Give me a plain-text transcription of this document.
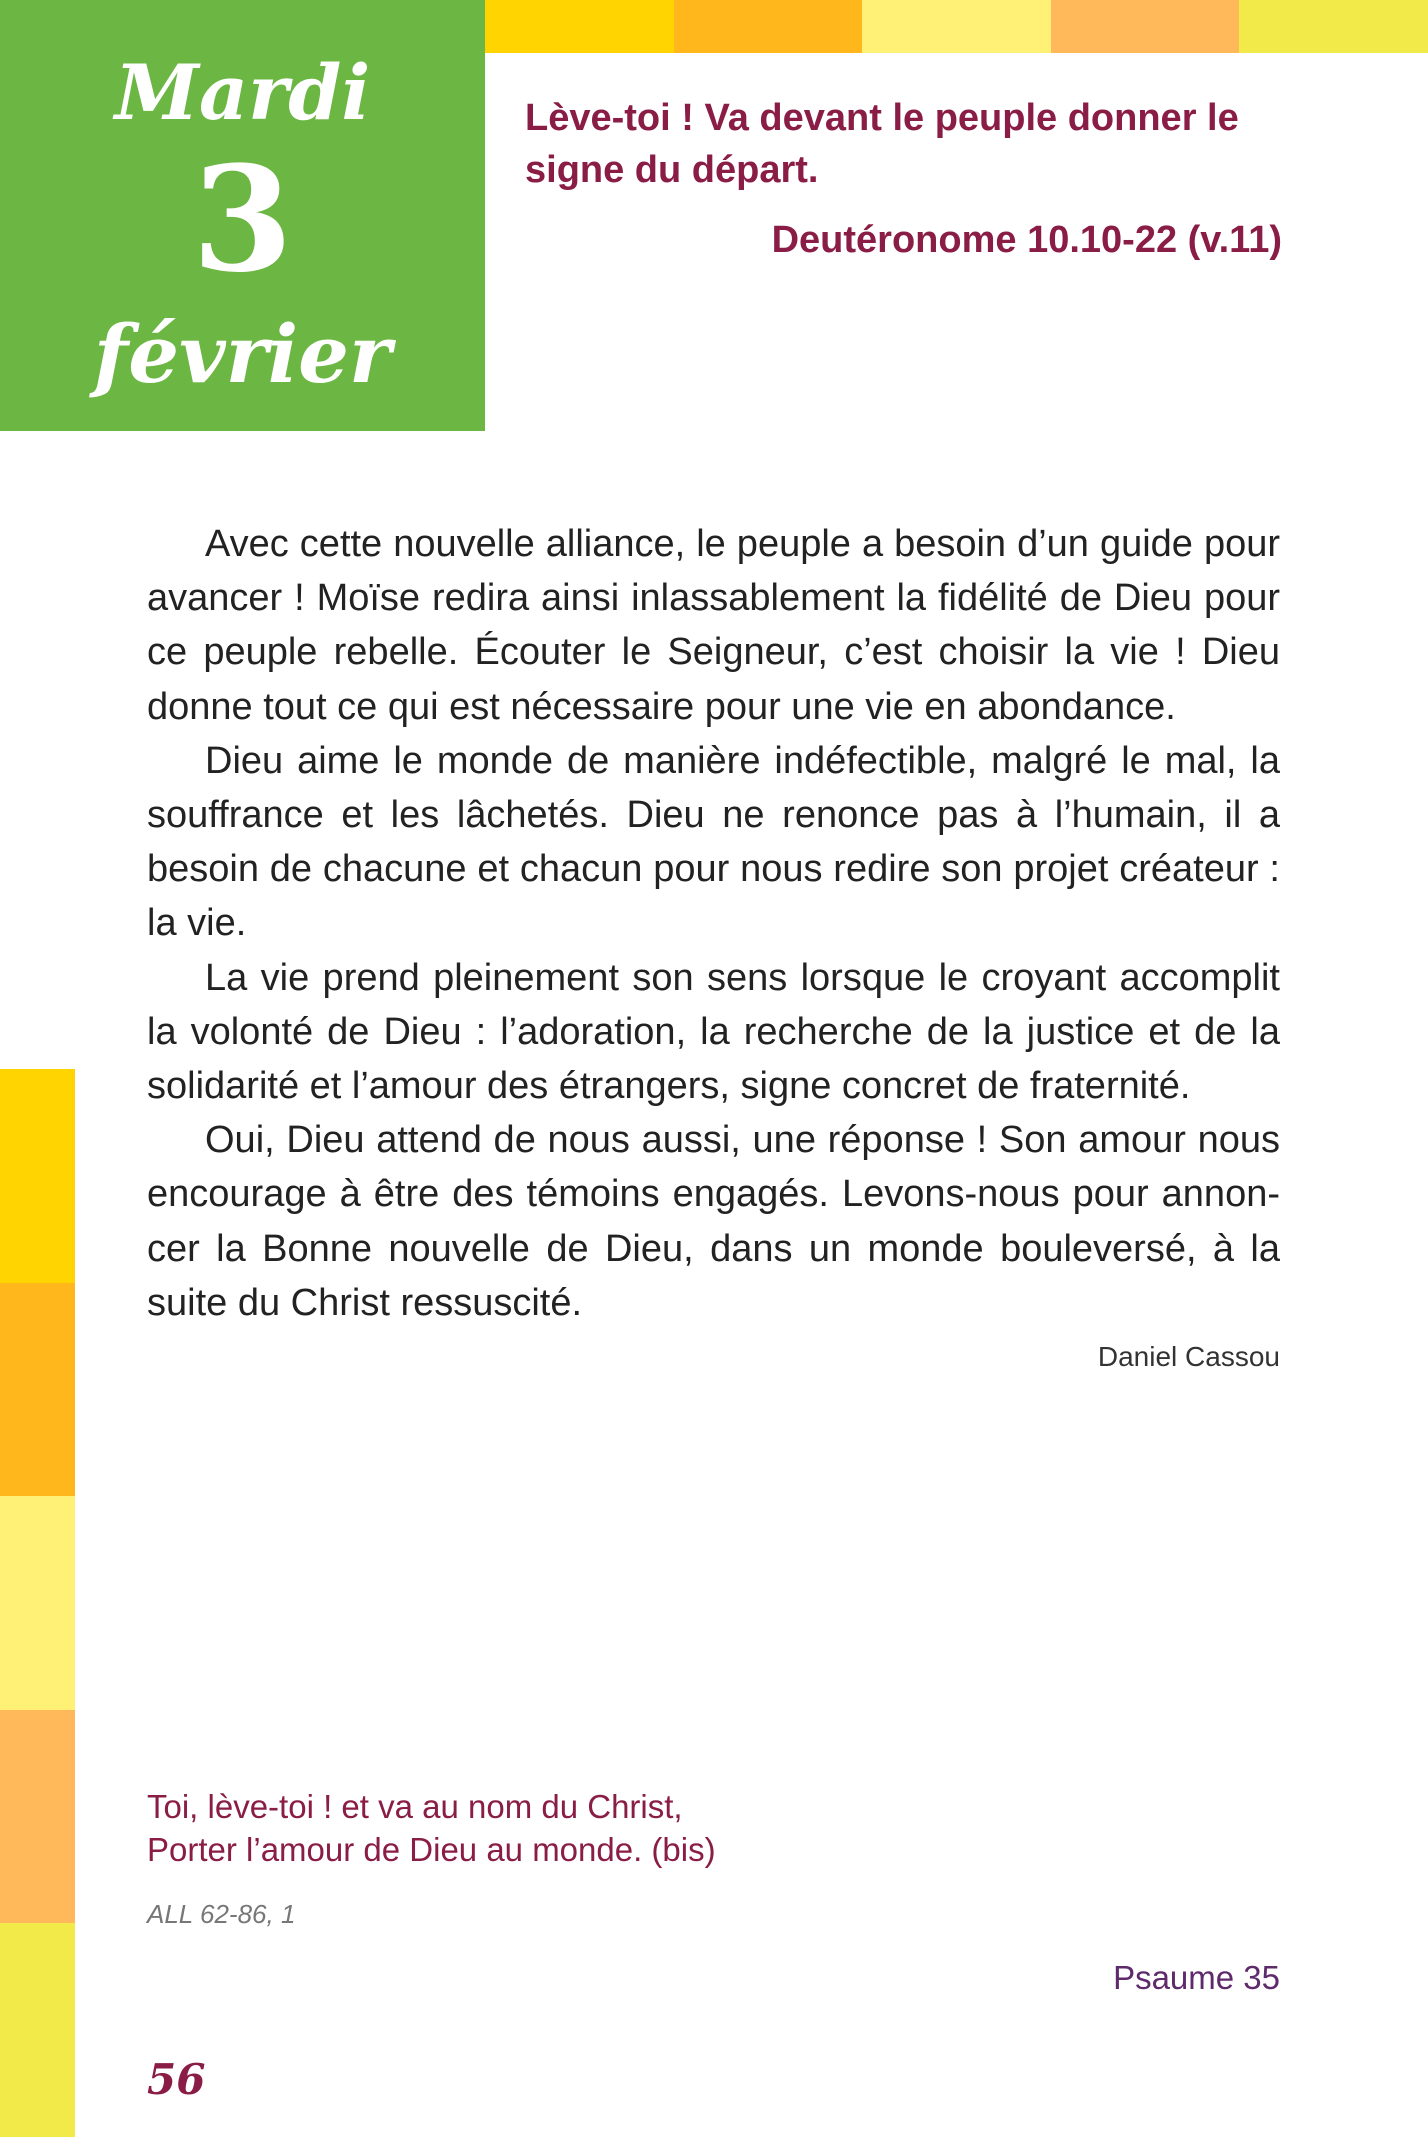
Mardi
3
février
Lève-toi ! Va devant le peuple donner le signe du départ.
Deutéronome 10.10-22 (v.11)

Avec cette nouvelle alliance, le peuple a besoin d’un guide pour avancer ! Moïse redira ainsi inlassablement la fidélité de Dieu pour ce peuple rebelle. Écouter le Seigneur, c’est choisir la vie ! Dieu donne tout ce qui est nécessaire pour une vie en abondance.

Dieu aime le monde de manière indéfectible, malgré le mal, la souffrance et les lâchetés. Dieu ne renonce pas à l’humain, il a besoin de chacune et chacun pour nous redire son projet créateur : la vie.

La vie prend pleinement son sens lorsque le croyant accomplit la volonté de Dieu : l’adoration, la recherche de la justice et de la solidarité et l’amour des étrangers, signe concret de fraternité.

Oui, Dieu attend de nous aussi, une réponse ! Son amour nous encourage à être des témoins engagés. Levons-nous pour annoncer la Bonne nouvelle de Dieu, dans un monde bouleversé, à la suite du Christ ressuscité.

Daniel Cassou
Toi, lève-toi ! et va au nom du Christ,
Porter l’amour de Dieu au monde. (bis)
ALL 62-86, 1
Psaume 35
56
